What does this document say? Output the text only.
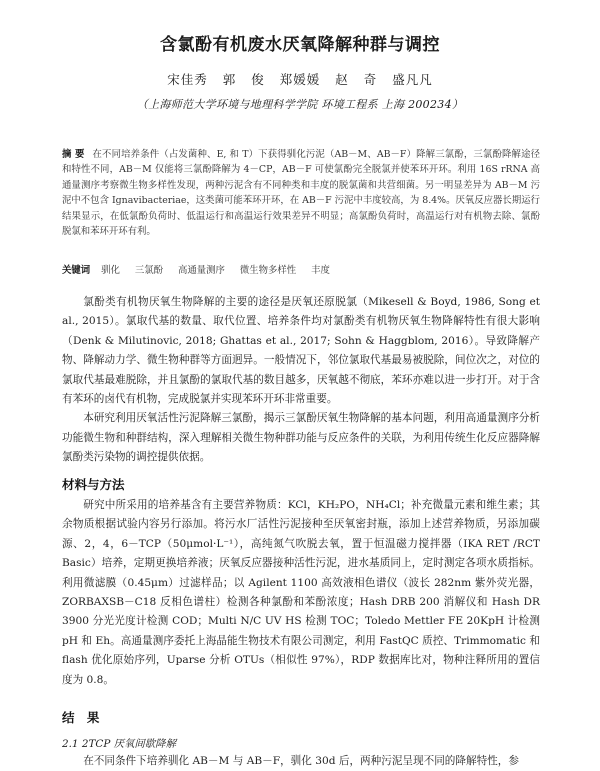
含氯酚有机废水厌氧降解种群与调控
宋佳秀 郭 俊 郑媛媛 赵 奇 盛凡凡
（上海师范大学环境与地理科学学院 环境工程系 上海 200234）
摘 要 在不同培养条件（占发菌种、E, 和 T）下获得驯化污泥（AB－M、AB－F）降解三氯酚，三氯酚降解途径和特性不同，AB－M 仅能将三氯酚降解为 4－CP，AB－F 可使氯酚完全脱氯并使苯环开环。利用 16S rRNA 高通量测序考察微生物多样性发现，两种污泥含有不同种类和丰度的脱氯菌和共营细菌。另一明显差异为 AB－M 污泥中不包含 Ignavibacteriae，这类菌可能苯环开环，在 AB－F 污泥中丰度较高，为 8.4%。厌氧反应器长期运行结果显示，在低氯酚负荷时、低温运行和高温运行效果差异不明显；高氯酚负荷时，高温运行对有机物去除、氯酚脱氯和苯环开环有利。
关键词 驯化 三氯酚 高通量测序 微生物多样性 丰度

氯酚类有机物厌氧生物降解的主要的途径是厌氧还原脱氯（Mikesell & Boyd, 1986, Song et al., 2015）。氯取代基的数量、取代位置、培养条件均对氯酚类有机物厌氧生物降解特性有很大影响（Denk & Milutinovic, 2018; Ghattas et al., 2017; Sohn & Haggblom, 2016）。导致降解产物、降解动力学、微生物种群等方面迥异。一般情况下，邻位氯取代基最易被脱除，间位次之，对位的氯取代基最难脱除，并且氯酚的氯取代基的数目越多，厌氧越不彻底，苯环亦难以进一步打开。对于含有苯环的卤代有机物，完成脱氯并实现苯环开环非常重要。

本研究利用厌氧活性污泥降解三氯酚，揭示三氯酚厌氧生物降解的基本问题，利用高通量测序分析功能微生物和种群结构，深入理解相关微生物种群功能与反应条件的关联，为利用传统生化反应器降解氯酚类污染物的调控提供依据。

材料与方法

研究中所采用的培养基含有主要营养物质：KCl，KH₂PO，NH₄Cl；补充微量元素和维生素；其余物质根据试验内容另行添加。将污水厂活性污泥接种至厌氧密封瓶，添加上述营养物质，另添加碳源、2，4，6－TCP（50μmol·L⁻¹），高纯氮气吹脱去氧，置于恒温磁力搅拌器（IKA RET /RCT Basic）培养，定期更换培养液；厌氧反应器接种活性污泥，进水基质同上，定时测定各项水质指标。利用微滤膜（0.45μm）过滤样品；以 Agilent 1100 高效液相色谱仪（波长 282nm 紫外荧光器，ZORBAXSB－C18 反相色谱柱）检测各种氯酚和苯酚浓度；Hash DRB 200 消解仪和 Hash DR 3900 分光光度计检测 COD；Multi N/C UV HS 检测 TOC；Toledo Mettler FE 20KpH 计检测 pH 和 Eh。高通量测序委托上海晶能生物技术有限公司测定，利用 FastQC 质控、Trimmomatic 和 flash 优化原始序列，Uparse 分析 OTUs（相似性 97%），RDP 数据库比对，物种注释所用的置信度为 0.8。

结 果
2.1 2TCP 厌氧间歇降解

在不同条件下培养驯化 AB－M 与 AB－F，驯化 30d 后，两种污泥呈现不同的降解特性，参
